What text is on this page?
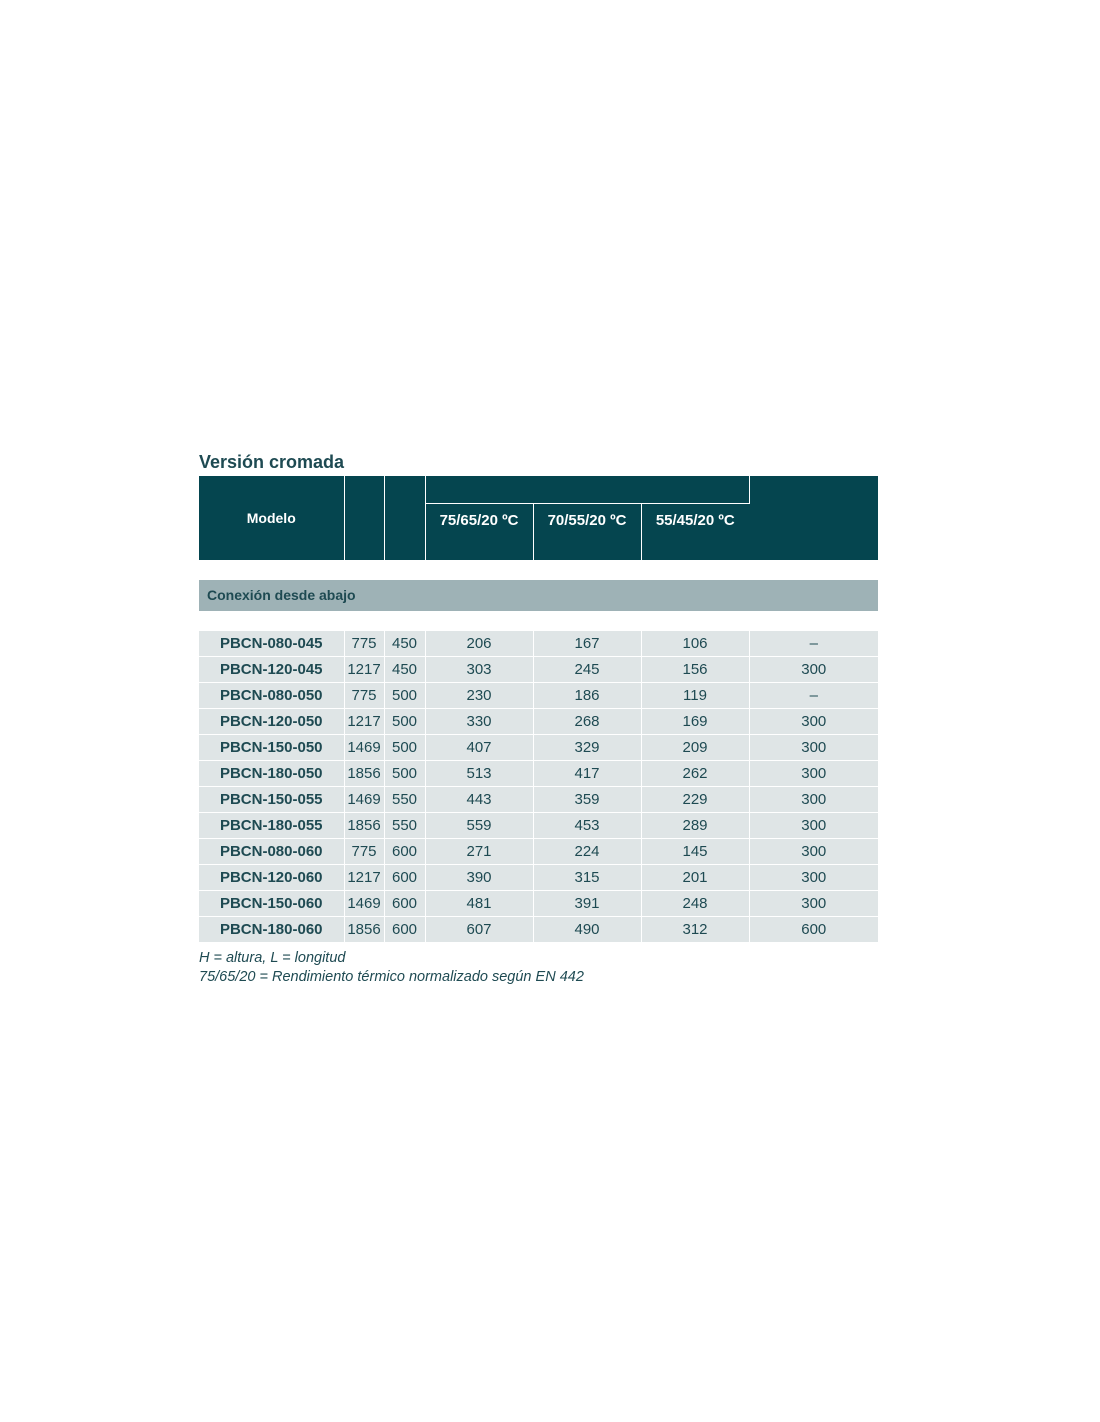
Versión cromada
Modelo						
			75/65/20 ºC	70/55/20 ºC	55/45/20 ºC	

Conexión desde abajo						

PBCN-080-045	775	450	206	167	106	–
PBCN-120-045	1217	450	303	245	156	300
PBCN-080-050	775	500	230	186	119	–
PBCN-120-050	1217	500	330	268	169	300
PBCN-150-050	1469	500	407	329	209	300
PBCN-180-050	1856	500	513	417	262	300
PBCN-150-055	1469	550	443	359	229	300
PBCN-180-055	1856	550	559	453	289	300
PBCN-080-060	775	600	271	224	145	300
PBCN-120-060	1217	600	390	315	201	300
PBCN-150-060	1469	600	481	391	248	300
PBCN-180-060	1856	600	607	490	312	600
H = altura, L = longitud
75/65/20 = Rendimiento térmico normalizado según EN 442
